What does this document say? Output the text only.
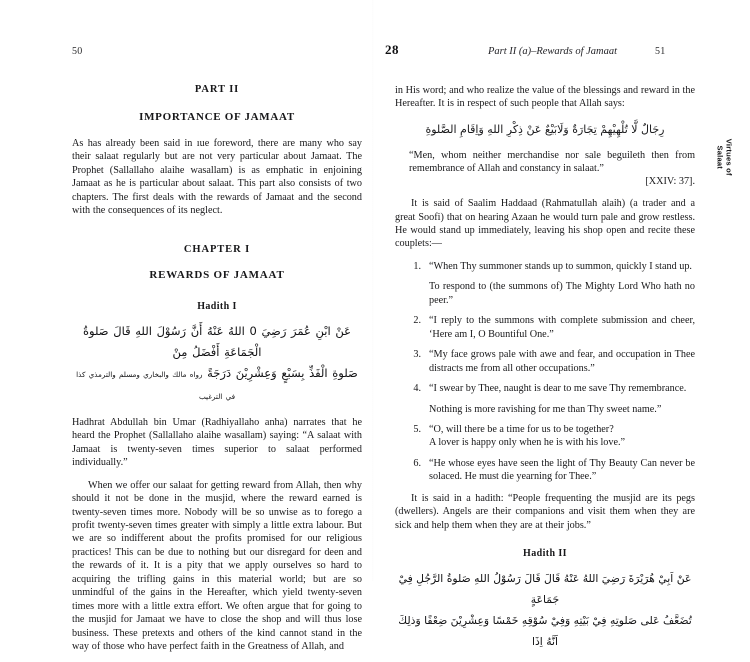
50	28	Part II (a)–Rewards of Jamaat	51
PART II
IMPORTANCE OF JAMAAT

As has already been said in ıue foreword, there are many who say their salaat regularly but are not very particular about Jamaat. The Prophet (Sallallaho alaihe wasallam) is as emphatic in enjoining Jamaat as he is particular about salaat. This part also consists of two chapters. The first deals with the rewards of Jamaat and the second with the consequences of its neglect.

CHAPTER I
REWARDS OF JAMAAT
Hadith I
عَنْ ابْنِ عُمَرَ رَضِيَ 0 اللهُ عَنْهُ أَنَّ رَسُوْلَ اللهِ قَالَ صَلوةُ الْجَمَاعَةِ أَفْضَلُ مِنْ
صَلوةِ الْفَذِّ بِسَبْعٍ وَعِشْرِيْنَ دَرَجَةً رواه مالك والبخاري ومسلم والترمذي كذا في الترغيب

Hadhrat Abdullah bin Umar (Radhiyallaho anha) narrates that he heard the Prophet (Sallallaho alaihe wasallam) saying: “A salaat with Jamaat is twenty-seven times superior to salaat performed individually.”

When we offer our salaat for getting reward from Allah, then why should it not be done in the musjid, where the reward earned is twenty-seven times more. Nobody will be so unwise as to forego a profit twenty-seven times greater with simply a little extra labour. But we are so indifferent about the profits promised for our religious practices! This can be due to nothing but our disregard for deen and the rewards of it. It is a pity that we apply ourselves so hard to acquiring the trifling gains in this material world; but are so unmindful of the gains in the Hereafter, which yield twenty-seven times more with a little extra effort. We often argue that for going to the musjid for Jamaat we have to close the shop and will thus lose business. These pretexts and others of the kind cannot stand in the way of those who have perfect faith in the Greatness of Allah, and

in His word; and who realize the value of the blessings and reward in the Hereafter. It is in respect of such people that Allah says:

رِجَالٌ لَّا تُلْهِيْهِمْ تِجَارَةٌ وَلَابَيْعٌ عَنْ ذِكْرِ اللهِ وَاِقَامِ الصَّلوةِ
“Men, whom neither merchandise nor sale beguileth then from remembrance of Allah and constancy in salaat.”
[XXIV: 37].

It is said of Saalim Haddaad (Rahmatullah alaih) (a trader and a great Soofi) that on hearing Azaan he would turn pale and grow restless. He would stand up immediately, leaving his shop open and recite these couplets:—

1. “When Thy summoner stands up to summon, quickly I stand up.
To respond to (the summons of) The Mighty Lord Who hath no peer.”
2. “I reply to the summons with complete submission and cheer, ‘Here am I, O Bountiful One.”
3. “My face grows pale with awe and fear, and occupation in Thee distracts me from all other occupations.”
4. “I swear by Thee, naught is dear to me save Thy remembrance.
Nothing is more ravishing for me than Thy sweet name.”
5. “O, will there be a time for us to be together?
A lover is happy only when he is with his love.”
6. “He whose eyes have seen the light of Thy Beauty Can never be solaced. He must die yearning for Thee.”

It is said in a hadith: “People frequenting the musjid are its pegs (dwellers). Angels are their companions and visit them when they are sick and help them when they are at their jobs.”

Hadith II
عَنْ اَبِيْ هُرَيْرَةَ رَضِيَ اللهُ عَنْهُ قَالَ قَالَ رَسُوْلُ اللهِ صَلوةُ الرَّجُلِ فِيْ جَمَاعَةٍ
تُضَعَّفُ عَلى صَلوتِهِ فِيْ بَيْتِهِ وَفِيْ سُوْقِهِ خَمْسًا وَعِشْرِيْنَ ضِعْفًا وَذلِكَ اَنَّهُ اِذَا
Virtues of
Salaat
